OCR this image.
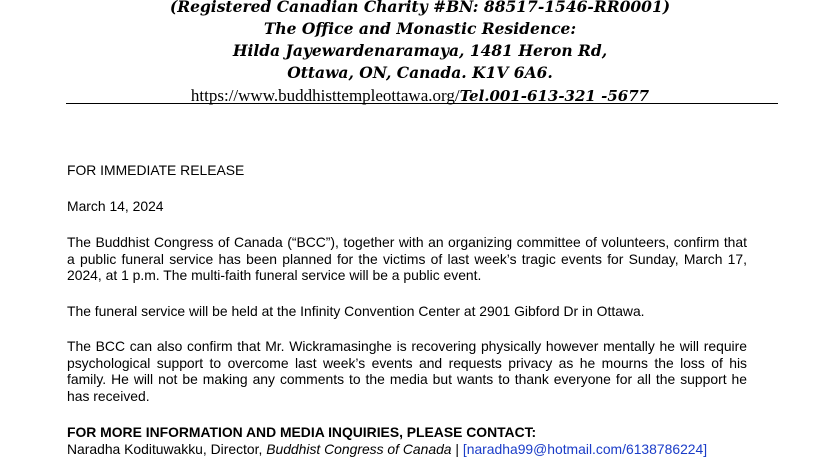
(Registered Canadian Charity #BN: 88517-1546-RR0001)
The Office and Monastic Residence:
Hilda Jayewardenaramaya, 1481 Heron Rd,
Ottawa, ON, Canada. K1V 6A6.
https://www.buddhisttempleottawa.org/Tel.001-613-321 -5677

FOR IMMEDIATE RELEASE

March 14, 2024

The Buddhist Congress of Canada (“BCC”), together with an organizing committee of volunteers, confirm that a public funeral service has been planned for the victims of last week’s tragic events for Sunday, March 17, 2024, at 1 p.m. The multi-faith funeral service will be a public event.

The funeral service will be held at the Infinity Convention Center at 2901 Gibford Dr in Ottawa.

The BCC can also confirm that Mr. Wickramasinghe is recovering physically however mentally he will require psychological support to overcome last week’s events and requests privacy as he mourns the loss of his family. He will not be making any comments to the media but wants to thank everyone for all the support he has received.

FOR MORE INFORMATION AND MEDIA INQUIRIES, PLEASE CONTACT:

Naradha Kodituwakku, Director, Buddhist Congress of Canada | [naradha99@hotmail.com/6138786224]
